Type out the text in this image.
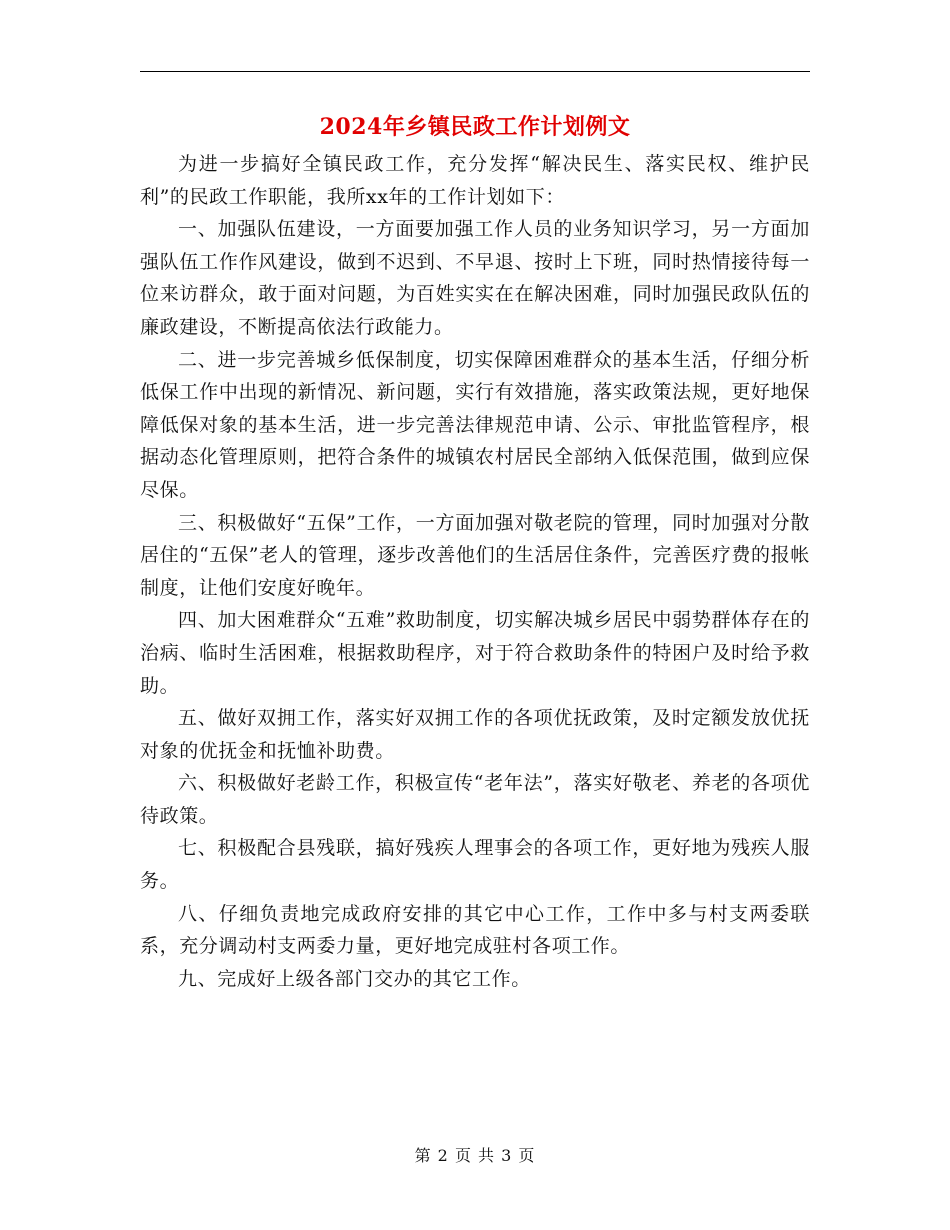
2024年乡镇民政工作计划例文

为进一步搞好全镇民政工作，充分发挥“解决民生、落实民权、维护民利”的民政工作职能，我所xx年的工作计划如下：

一、加强队伍建设，一方面要加强工作人员的业务知识学习，另一方面加强队伍工作作风建设，做到不迟到、不早退、按时上下班，同时热情接待每一位来访群众，敢于面对问题，为百姓实实在在解决困难，同时加强民政队伍的廉政建设，不断提高依法行政能力。

二、进一步完善城乡低保制度，切实保障困难群众的基本生活，仔细分析低保工作中出现的新情况、新问题，实行有效措施，落实政策法规，更好地保障低保对象的基本生活，进一步完善法律规范申请、公示、审批监管程序，根据动态化管理原则，把符合条件的城镇农村居民全部纳入低保范围，做到应保尽保。

三、积极做好“五保”工作，一方面加强对敬老院的管理，同时加强对分散居住的“五保”老人的管理，逐步改善他们的生活居住条件，完善医疗费的报帐制度，让他们安度好晚年。

四、加大困难群众“五难”救助制度，切实解决城乡居民中弱势群体存在的治病、临时生活困难，根据救助程序，对于符合救助条件的特困户及时给予救助。

五、做好双拥工作，落实好双拥工作的各项优抚政策，及时定额发放优抚对象的优抚金和抚恤补助费。

六、积极做好老龄工作，积极宣传“老年法”，落实好敬老、养老的各项优待政策。

七、积极配合县残联，搞好残疾人理事会的各项工作，更好地为残疾人服务。

八、仔细负责地完成政府安排的其它中心工作，工作中多与村支两委联系，充分调动村支两委力量，更好地完成驻村各项工作。

九、完成好上级各部门交办的其它工作。

第 2 页 共 3 页
